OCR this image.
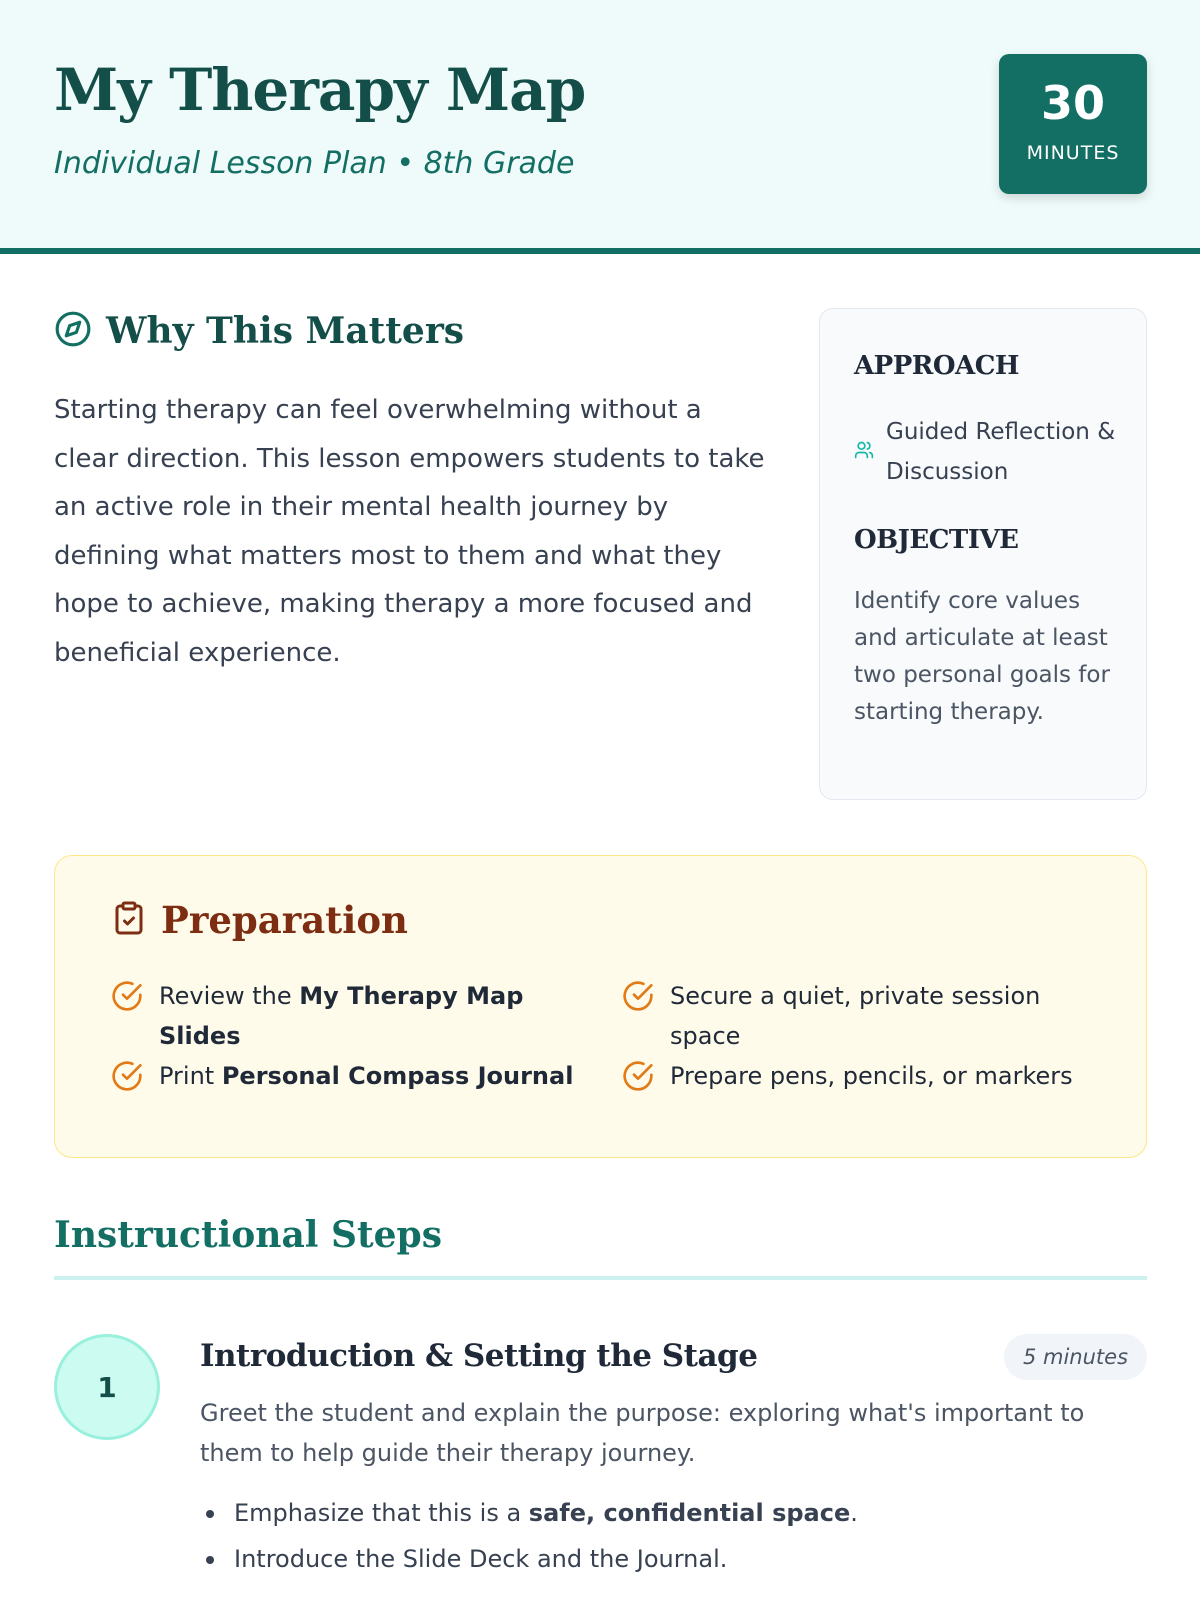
My Therapy Map
Individual Lesson Plan • 8th Grade
30
MINUTES
Why This Matters

Starting therapy can feel overwhelming without a clear direction. This lesson empowers students to take an active role in their mental health journey by defining what matters most to them and what they hope to achieve, making therapy a more focused and beneficial experience.

APPROACH
Guided Reflection & Discussion
OBJECTIVE

Identify core values and articulate at least two personal goals for starting therapy.

Preparation
Review the My Therapy Map Slides
Secure a quiet, private session space
Print Personal Compass Journal	Prepare pens, pencils, or markers
Instructional Steps
1
Introduction & Setting the Stage	5 minutes

Greet the student and explain the purpose: exploring what's important to them to help guide their therapy journey.

Emphasize that this is a safe, confidential space.
Introduce the Slide Deck and the Journal.
